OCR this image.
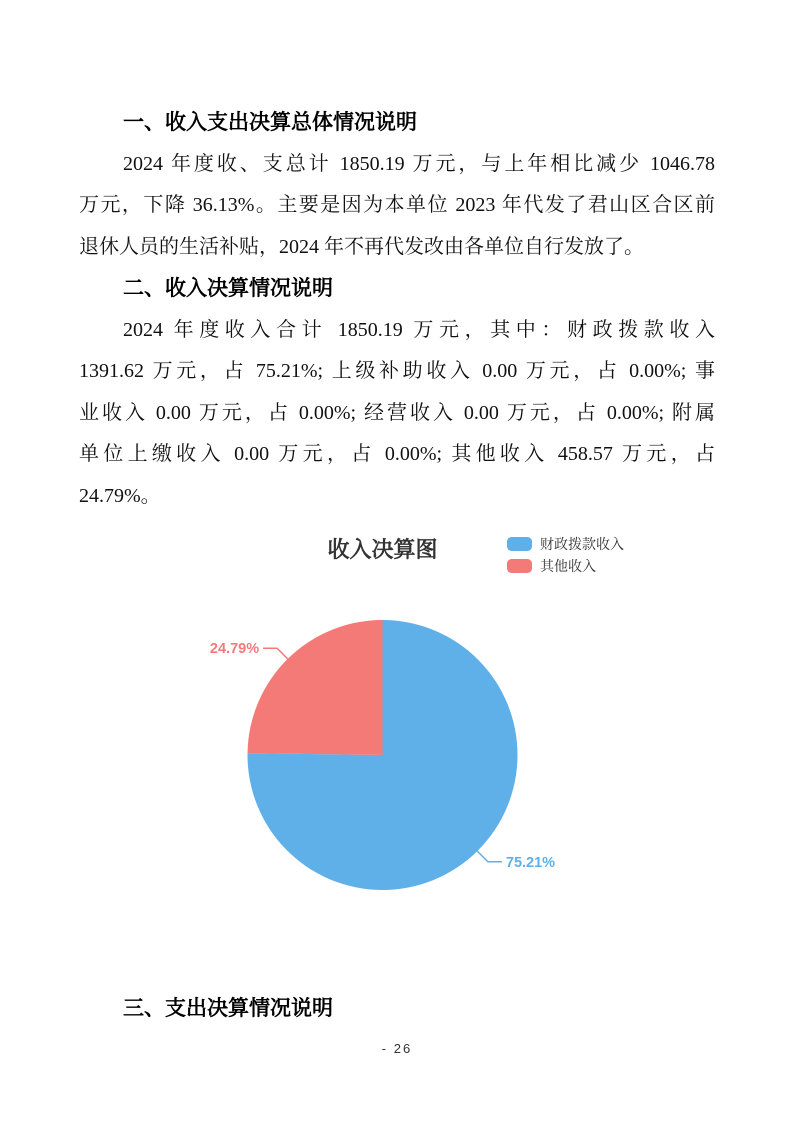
一、收入支出决算总体情况说明
2024 年度收、支总计 1850.19 万元，与上年相比减少 1046.78
万元，下降 36.13%。主要是因为本单位 2023 年代发了君山区合区前
退休人员的生活补贴，2024 年不再代发改由各单位自行发放了。
二、收入决算情况说明
2024 年度收入合计 1850.19 万元，其中：财政拨款收入
1391.62 万元，占 75.21%; 上级补助收入 0.00 万元，占 0.00%; 事
业收入 0.00 万元，占 0.00%; 经营收入 0.00 万元，占 0.00%; 附属
单位上缴收入 0.00 万元，占 0.00%; 其他收入 458.57 万元，占
24.79%。
收入决算图	财政拨款收入
其他收入
75.21%
24.79%
三、支出决算情况说明
- 26
